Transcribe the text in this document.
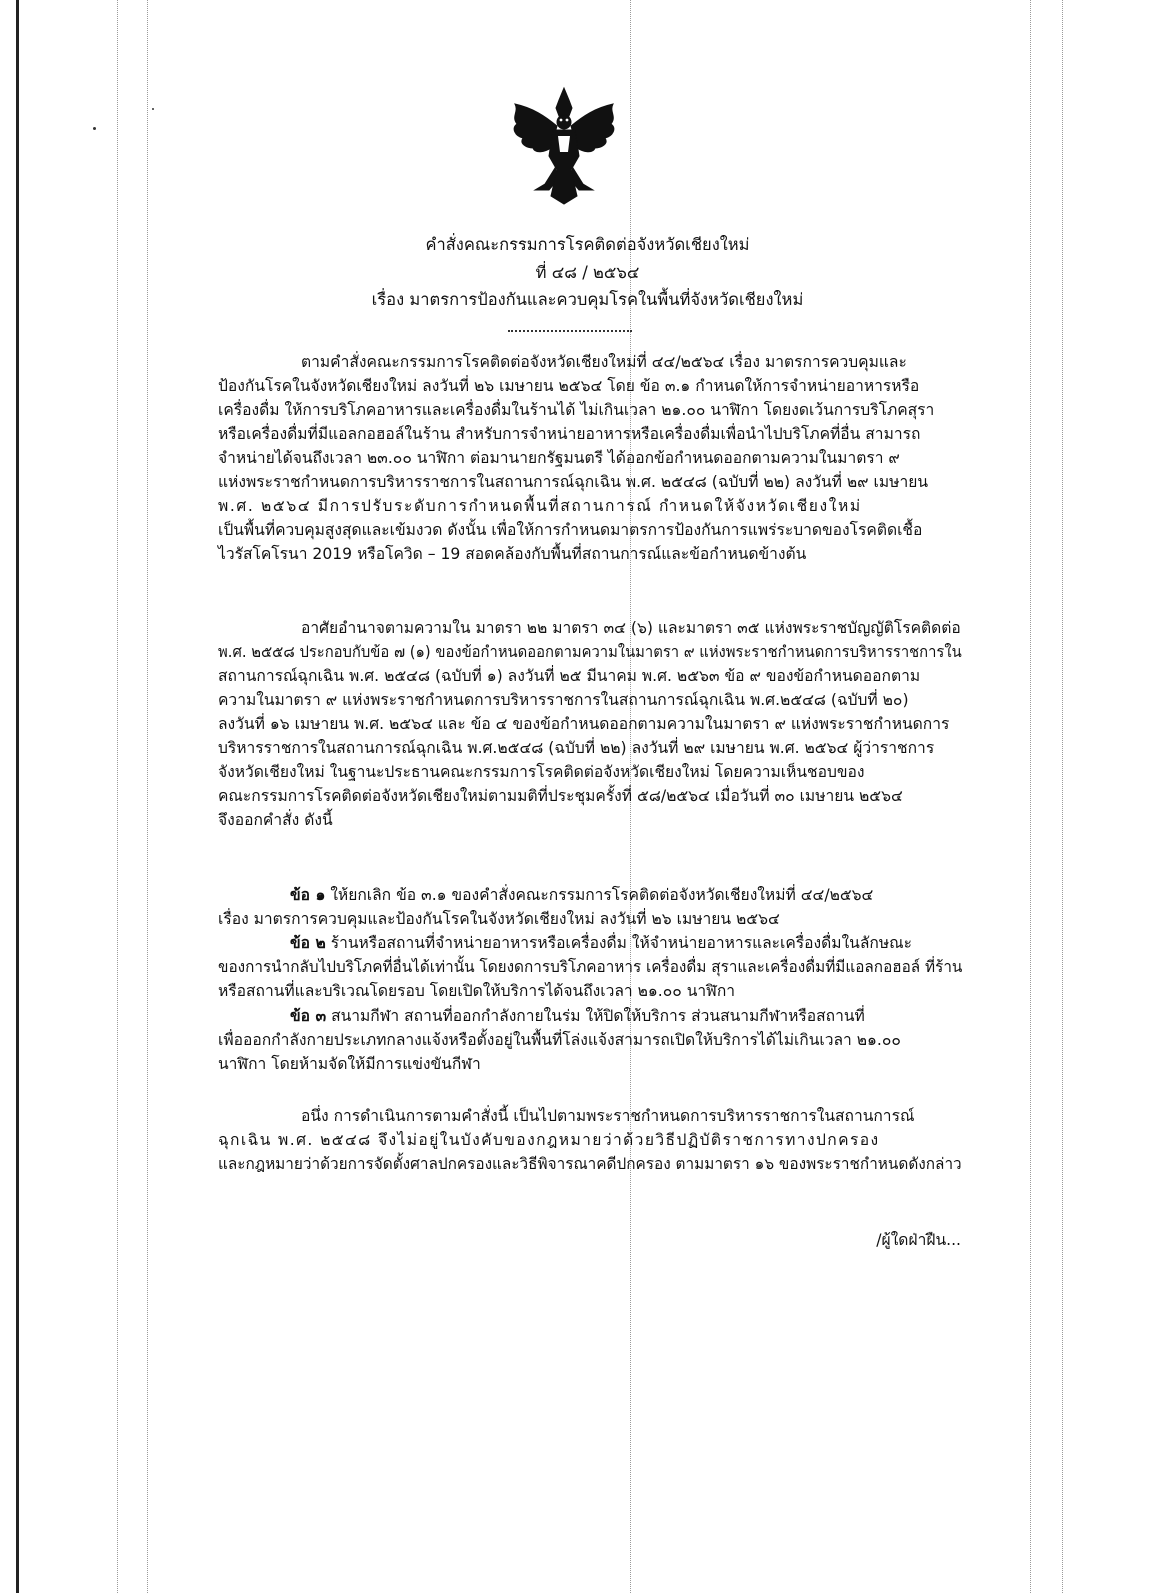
คำสั่งคณะกรรมการโรคติดต่อจังหวัดเชียงใหม่
ที่ ๔๘ / ๒๕๖๔
เรื่อง มาตรการป้องกันและควบคุมโรคในพื้นที่จังหวัดเชียงใหม่
ตามคำสั่งคณะกรรมการโรคติดต่อจังหวัดเชียงใหม่ที่ ๔๔/๒๕๖๔ เรื่อง มาตรการควบคุมและ
ป้องกันโรคในจังหวัดเชียงใหม่ ลงวันที่ ๒๖ เมษายน ๒๕๖๔ โดย ข้อ ๓.๑ กำหนดให้การจำหน่ายอาหารหรือ
เครื่องดื่ม ให้การบริโภคอาหารและเครื่องดื่มในร้านได้ ไม่เกินเวลา ๒๑.๐๐ นาฬิกา โดยงดเว้นการบริโภคสุรา
หรือเครื่องดื่มที่มีแอลกอฮอล์ในร้าน สำหรับการจำหน่ายอาหารหรือเครื่องดื่มเพื่อนำไปบริโภคที่อื่น สามารถ
จำหน่ายได้จนถึงเวลา ๒๓.๐๐ นาฬิกา ต่อมานายกรัฐมนตรี ได้ออกข้อกำหนดออกตามความในมาตรา ๙
แห่งพระราชกำหนดการบริหารราชการในสถานการณ์ฉุกเฉิน พ.ศ. ๒๕๔๘ (ฉบับที่ ๒๒) ลงวันที่ ๒๙ เมษายน
พ.ศ. ๒๕๖๔ มีการปรับระดับการกำหนดพื้นที่สถานการณ์ กำหนดให้จังหวัดเชียงใหม่
เป็นพื้นที่ควบคุมสูงสุดและเข้มงวด ดังนั้น เพื่อให้การกำหนดมาตรการป้องกันการแพร่ระบาดของโรคติดเชื้อ
ไวรัสโคโรนา 2019 หรือโควิด – 19 สอดคล้องกับพื้นที่สถานการณ์และข้อกำหนดข้างต้น
อาศัยอำนาจตามความใน มาตรา ๒๒ มาตรา ๓๔ (๖) และมาตรา ๓๕ แห่งพระราชบัญญัติโรคติดต่อ
พ.ศ. ๒๕๕๘ ประกอบกับข้อ ๗ (๑) ของข้อกำหนดออกตามความในมาตรา ๙ แห่งพระราชกำหนดการบริหารราชการใน
สถานการณ์ฉุกเฉิน พ.ศ. ๒๕๔๘ (ฉบับที่ ๑) ลงวันที่ ๒๕ มีนาคม พ.ศ. ๒๕๖๓ ข้อ ๙ ของข้อกำหนดออกตาม
ความในมาตรา ๙ แห่งพระราชกำหนดการบริหารราชการในสถานการณ์ฉุกเฉิน พ.ศ.๒๕๔๘ (ฉบับที่ ๒๐)
ลงวันที่ ๑๖ เมษายน พ.ศ. ๒๕๖๔ และ ข้อ ๔ ของข้อกำหนดออกตามความในมาตรา ๙ แห่งพระราชกำหนดการ
บริหารราชการในสถานการณ์ฉุกเฉิน พ.ศ.๒๕๔๘ (ฉบับที่ ๒๒) ลงวันที่ ๒๙ เมษายน พ.ศ. ๒๕๖๔ ผู้ว่าราชการ
จังหวัดเชียงใหม่ ในฐานะประธานคณะกรรมการโรคติดต่อจังหวัดเชียงใหม่ โดยความเห็นชอบของ
คณะกรรมการโรคติดต่อจังหวัดเชียงใหม่ตามมติที่ประชุมครั้งที่ ๕๘/๒๕๖๔ เมื่อวันที่ ๓๐ เมษายน ๒๕๖๔
จึงออกคำสั่ง ดังนี้
ข้อ ๑ ให้ยกเลิก ข้อ ๓.๑ ของคำสั่งคณะกรรมการโรคติดต่อจังหวัดเชียงใหม่ที่ ๔๔/๒๕๖๔
เรื่อง มาตรการควบคุมและป้องกันโรคในจังหวัดเชียงใหม่ ลงวันที่ ๒๖ เมษายน ๒๕๖๔
ข้อ ๒ ร้านหรือสถานที่จำหน่ายอาหารหรือเครื่องดื่ม ให้จำหน่ายอาหารและเครื่องดื่มในลักษณะ
ของการนำกลับไปบริโภคที่อื่นได้เท่านั้น โดยงดการบริโภคอาหาร เครื่องดื่ม สุราและเครื่องดื่มที่มีแอลกอฮอล์ ที่ร้าน
หรือสถานที่และบริเวณโดยรอบ โดยเปิดให้บริการได้จนถึงเวลา ๒๑.๐๐ นาฬิกา
ข้อ ๓ สนามกีฬา สถานที่ออกกำลังกายในร่ม ให้ปิดให้บริการ ส่วนสนามกีฬาหรือสถานที่
เพื่อออกกำลังกายประเภทกลางแจ้งหรือตั้งอยู่ในพื้นที่โล่งแจ้งสามารถเปิดให้บริการได้ไม่เกินเวลา ๒๑.๐๐
นาฬิกา โดยห้ามจัดให้มีการแข่งขันกีฬา
อนึ่ง การดำเนินการตามคำสั่งนี้ เป็นไปตามพระราชกำหนดการบริหารราชการในสถานการณ์
ฉุกเฉิน พ.ศ. ๒๕๔๘ จึงไม่อยู่ในบังคับของกฎหมายว่าด้วยวิธีปฏิบัติราชการทางปกครอง
และกฎหมายว่าด้วยการจัดตั้งศาลปกครองและวิธีพิจารณาคดีปกครอง ตามมาตรา ๑๖ ของพระราชกำหนดดังกล่าว
/ผู้ใดฝ่าฝืน...
